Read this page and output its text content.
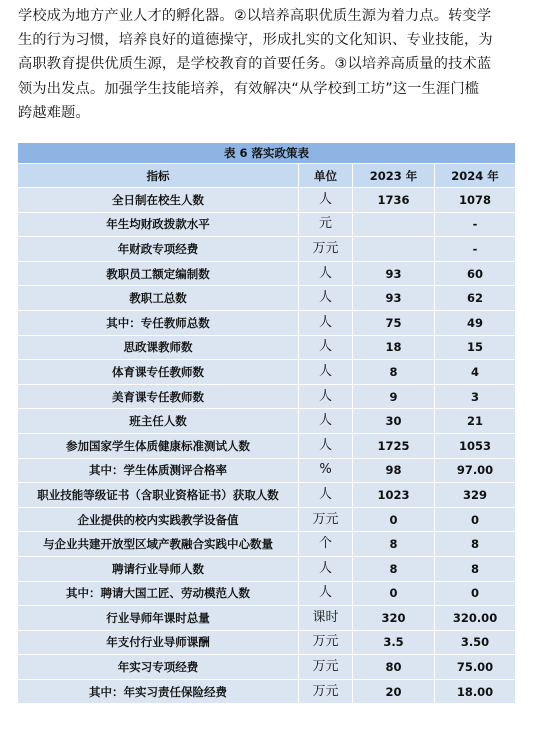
学校成为地方产业人才的孵化器。②以培养高职优质生源为着力点。转变学
生的行为习惯，培养良好的道德操守，形成扎实的文化知识、专业技能，为
高职教育提供优质生源，是学校教育的首要任务。③以培养高质量的技术蓝
领为出发点。加强学生技能培养，有效解决“从学校到工坊”这一生涯门槛
跨越难题。
表 6 落实政策表			
指标	单位	2023 年	2024 年
全日制在校生人数	人	1736	1078
年生均财政拨款水平	元		-
年财政专项经费	万元		-
教职员工额定编制数	人	93	60
教职工总数	人	93	62
其中：专任教师总数	人	75	49
思政课教师数	人	18	15
体育课专任教师数	人	8	4
美育课专任教师数	人	9	3
班主任人数	人	30	21
参加国家学生体质健康标准测试人数	人	1725	1053
其中：学生体质测评合格率	%	98	97.00
职业技能等级证书（含职业资格证书）获取人数	人	1023	329
企业提供的校内实践教学设备值	万元	0	0
与企业共建开放型区域产教融合实践中心数量	个	8	8
聘请行业导师人数	人	8	8
其中：聘请大国工匠、劳动模范人数	人	0	0
行业导师年课时总量	课时	320	320.00
年支付行业导师课酬	万元	3.5	3.50
年实习专项经费	万元	80	75.00
其中：年实习责任保险经费	万元	20	18.00
